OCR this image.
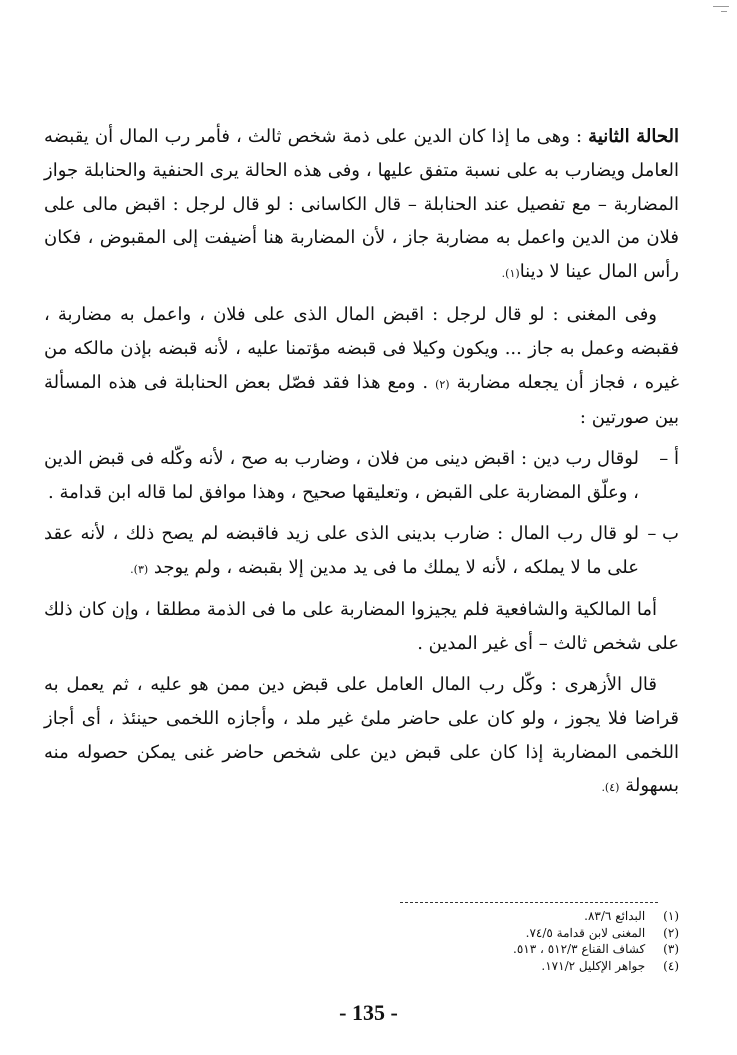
الحالة الثانية : وهى ما إذا كان الدين على ذمة شخص ثالث ، فأمر رب المال أن يقبضه العامل ويضارب به على نسبة متفق عليها ، وفى هذه الحالة يرى الحنفية والحنابلة جواز المضاربة – مع تفصيل عند الحنابلة – قال الكاسانى : لو قال لرجل : اقبض مالى على فلان من الدين واعمل به مضاربة جاز ، لأن المضاربة هنا أضيفت إلى المقبوض ، فكان رأس المال عينا لا دينا(١).

وفى المغنى : لو قال لرجل : اقبض المال الذى على فلان ، واعمل به مضاربة ، فقبضه وعمل به جاز ... ويكون وكيلا فى قبضه مؤتمنا عليه ، لأنه قبضه بإذن مالكه من غيره ، فجاز أن يجعله مضاربة (٢) . ومع هذا فقد فصّل بعض الحنابلة فى هذه المسألة بين صورتين :

أ –
لوقال رب دين : اقبض دينى من فلان ، وضارب به صح ، لأنه وكّله فى قبض الدين ، وعلّق المضاربة على القبض ، وتعليقها صحيح ، وهذا موافق لما قاله ابن قدامة .
ب –
لو قال رب المال : ضارب بدينى الذى على زيد فاقبضه لم يصح ذلك ، لأنه عقد على ما لا يملكه ، لأنه لا يملك ما فى يد مدين إلا بقبضه ، ولم يوجد (٣).

أما المالكية والشافعية فلم يجيزوا المضاربة على ما فى الذمة مطلقا ، وإن كان ذلك على شخص ثالث – أى غير المدين .

قال الأزهرى : وكّل رب المال العامل على قبض دين ممن هو عليه ، ثم يعمل به قراضا فلا يجوز ، ولو كان على حاضر ملئ غير ملد ، وأجازه اللخمى حينئذ ، أى أجاز اللخمى المضاربة إذا كان على قبض دين على شخص حاضر غنى يمكن حصوله منه بسهولة (٤).

(١) البدائع ٨٣/٦.
(٢) المغنى لابن قدامة ٧٤/٥.
(٣) كشاف القناع ٥١٢/٣ ، ٥١٣.
(٤) جواهر الإكليل ١٧١/٢.
- 135 -
